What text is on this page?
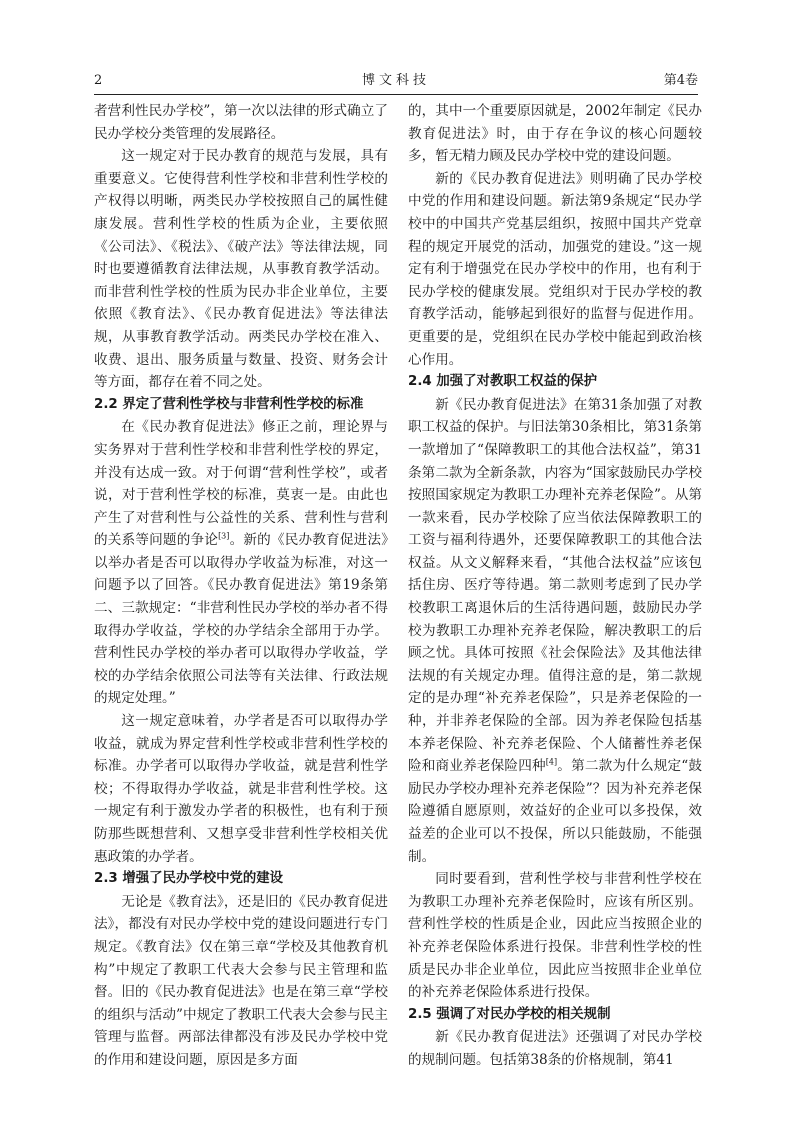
2	博文科技	第4卷

者营利性民办学校”，第一次以法律的形式确立了民办学校分类管理的发展路径。

这一规定对于民办教育的规范与发展，具有重要意义。它使得营利性学校和非营利性学校的产权得以明晰，两类民办学校按照自己的属性健康发展。营利性学校的性质为企业，主要依照《公司法》、《税法》、《破产法》等法律法规，同时也要遵循教育法律法规，从事教育教学活动。而非营利性学校的性质为民办非企业单位，主要依照《教育法》、《民办教育促进法》等法律法规，从事教育教学活动。两类民办学校在准入、收费、退出、服务质量与数量、投资、财务会计等方面，都存在着不同之处。

2.2 界定了营利性学校与非营利性学校的标准

在《民办教育促进法》修正之前，理论界与实务界对于营利性学校和非营利性学校的界定，并没有达成一致。对于何谓“营利性学校”，或者说，对于营利性学校的标准，莫衷一是。由此也产生了对营利性与公益性的关系、营利性与营利的关系等问题的争论[3]。新的《民办教育促进法》以举办者是否可以取得办学收益为标准，对这一问题予以了回答。《民办教育促进法》第19条第二、三款规定：“非营利性民办学校的举办者不得取得办学收益，学校的办学结余全部用于办学。营利性民办学校的举办者可以取得办学收益，学校的办学结余依照公司法等有关法律、行政法规的规定处理。”

这一规定意味着，办学者是否可以取得办学收益，就成为界定营利性学校或非营利性学校的标准。办学者可以取得办学收益，就是营利性学校；不得取得办学收益，就是非营利性学校。这一规定有利于激发办学者的积极性，也有利于预防那些既想营利、又想享受非营利性学校相关优惠政策的办学者。

2.3 增强了民办学校中党的建设

无论是《教育法》，还是旧的《民办教育促进法》，都没有对民办学校中党的建设问题进行专门规定。《教育法》仅在第三章“学校及其他教育机构”中规定了教职工代表大会参与民主管理和监督。旧的《民办教育促进法》也是在第三章“学校的组织与活动”中规定了教职工代表大会参与民主管理与监督。两部法律都没有涉及民办学校中党的作用和建设问题，原因是多方面

的，其中一个重要原因就是，2002年制定《民办教育促进法》时，由于存在争议的核心问题较多，暂无精力顾及民办学校中党的建设问题。

新的《民办教育促进法》则明确了民办学校中党的作用和建设问题。新法第9条规定“民办学校中的中国共产党基层组织，按照中国共产党章程的规定开展党的活动，加强党的建设。”这一规定有利于增强党在民办学校中的作用，也有利于民办学校的健康发展。党组织对于民办学校的教育教学活动，能够起到很好的监督与促进作用。更重要的是，党组织在民办学校中能起到政治核心作用。

2.4 加强了对教职工权益的保护

新《民办教育促进法》在第31条加强了对教职工权益的保护。与旧法第30条相比，第31条第一款增加了“保障教职工的其他合法权益”，第31条第二款为全新条款，内容为“国家鼓励民办学校按照国家规定为教职工办理补充养老保险”。从第一款来看，民办学校除了应当依法保障教职工的工资与福利待遇外，还要保障教职工的其他合法权益。从文义解释来看，“其他合法权益”应该包括住房、医疗等待遇。第二款则考虑到了民办学校教职工离退休后的生活待遇问题，鼓励民办学校为教职工办理补充养老保险，解决教职工的后顾之忧。具体可按照《社会保险法》及其他法律法规的有关规定办理。值得注意的是，第二款规定的是办理“补充养老保险”，只是养老保险的一种，并非养老保险的全部。因为养老保险包括基本养老保险、补充养老保险、个人储蓄性养老保险和商业养老保险四种[4]。第二款为什么规定“鼓励民办学校办理补充养老保险”？因为补充养老保险遵循自愿原则，效益好的企业可以多投保，效益差的企业可以不投保，所以只能鼓励，不能强制。

同时要看到，营利性学校与非营利性学校在为教职工办理补充养老保险时，应该有所区别。营利性学校的性质是企业，因此应当按照企业的补充养老保险体系进行投保。非营利性学校的性质是民办非企业单位，因此应当按照非企业单位的补充养老保险体系进行投保。

2.5 强调了对民办学校的相关规制

新《民办教育促进法》还强调了对民办学校的规制问题。包括第38条的价格规制，第41
